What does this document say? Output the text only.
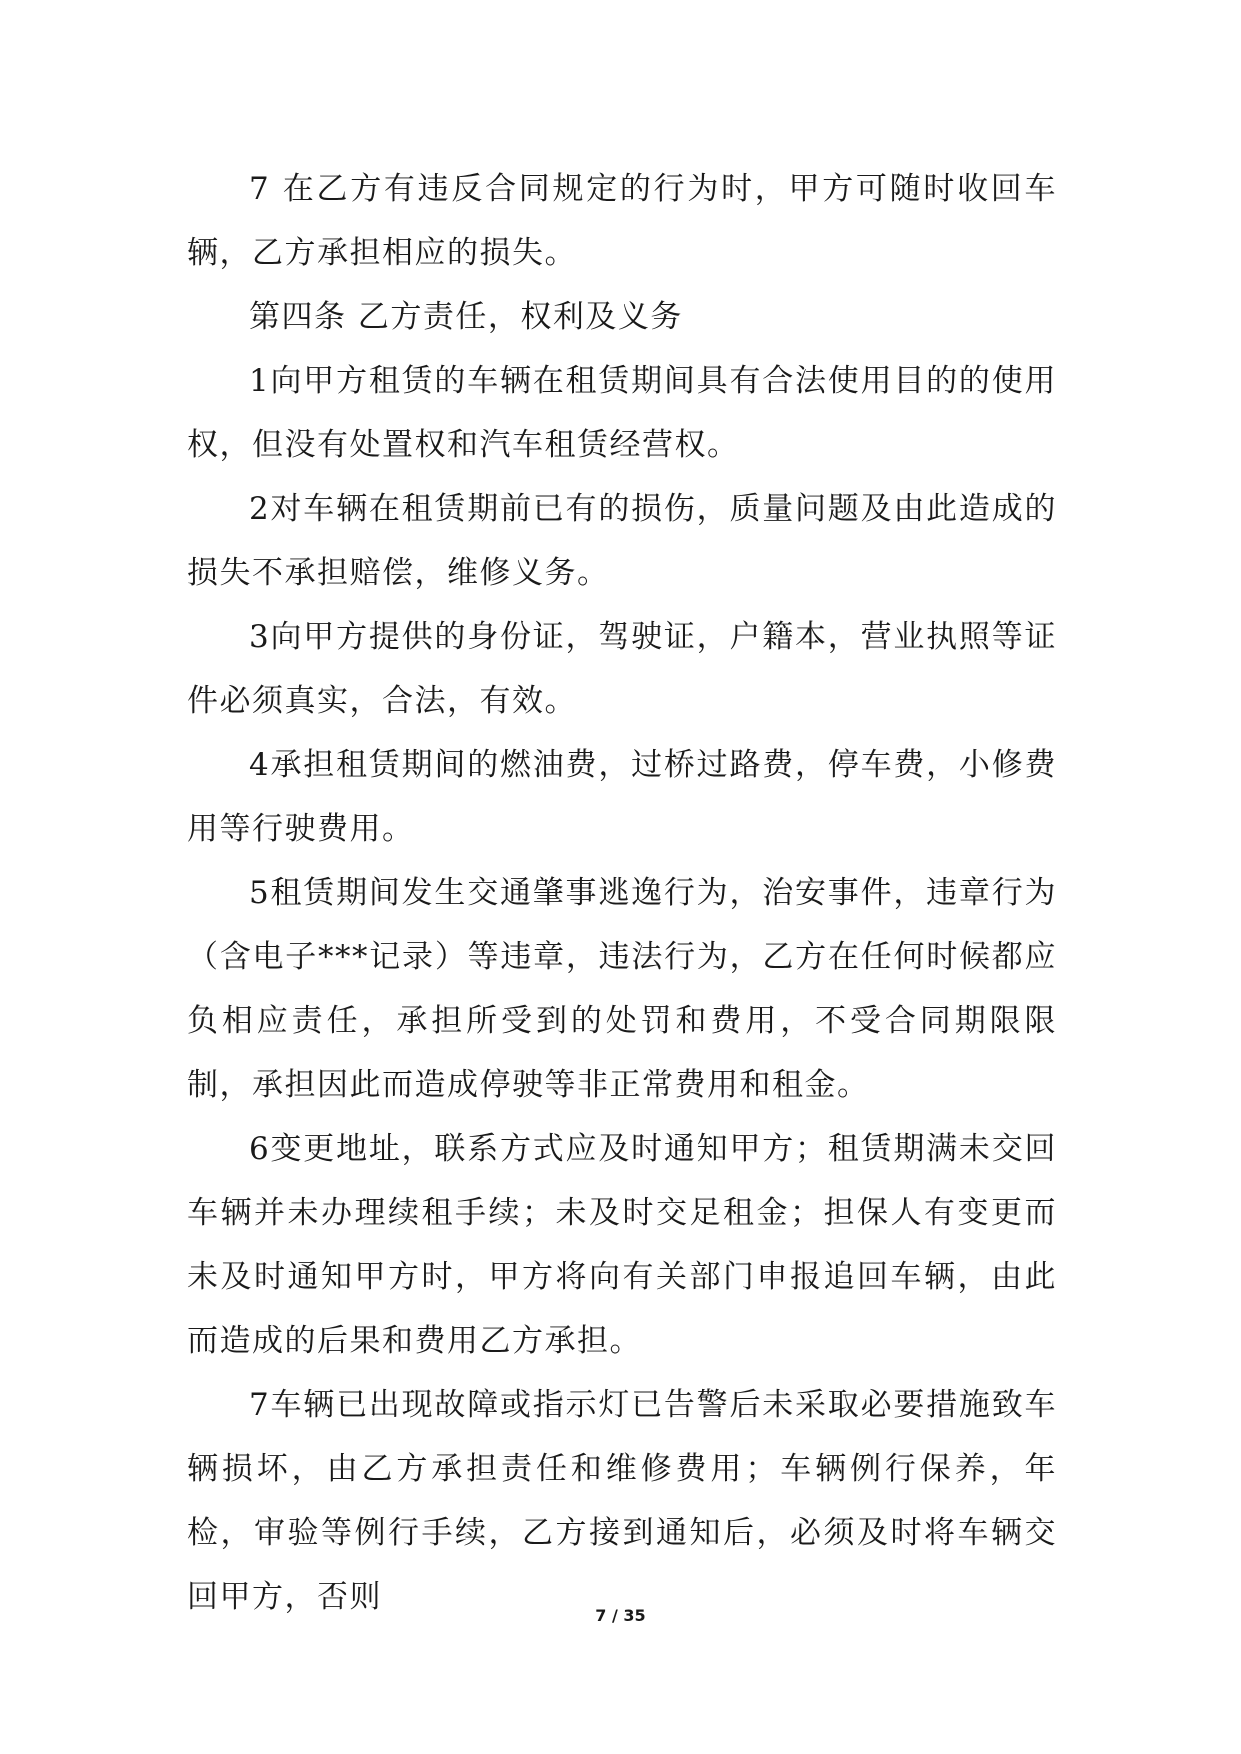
7 在乙方有违反合同规定的行为时，甲方可随时收回车辆，乙方承担相应的损失。

第四条 乙方责任，权利及义务

1向甲方租赁的车辆在租赁期间具有合法使用目的的使用权，但没有处置权和汽车租赁经营权。

2对车辆在租赁期前已有的损伤，质量问题及由此造成的损失不承担赔偿，维修义务。

3向甲方提供的身份证，驾驶证，户籍本，营业执照等证件必须真实，合法，有效。

4承担租赁期间的燃油费，过桥过路费，停车费，小修费用等行驶费用。

5租赁期间发生交通肇事逃逸行为，治安事件，违章行为（含电子***记录）等违章，违法行为，乙方在任何时候都应负相应责任，承担所受到的处罚和费用，不受合同期限限制，承担因此而造成停驶等非正常费用和租金。

6变更地址，联系方式应及时通知甲方；租赁期满未交回车辆并未办理续租手续；未及时交足租金；担保人有变更而未及时通知甲方时，甲方将向有关部门申报追回车辆，由此而造成的后果和费用乙方承担。

7车辆已出现故障或指示灯已告警后未采取必要措施致车辆损坏，由乙方承担责任和维修费用；车辆例行保养，年检，审验等例行手续，乙方接到通知后，必须及时将车辆交回甲方，否则

7 / 35
